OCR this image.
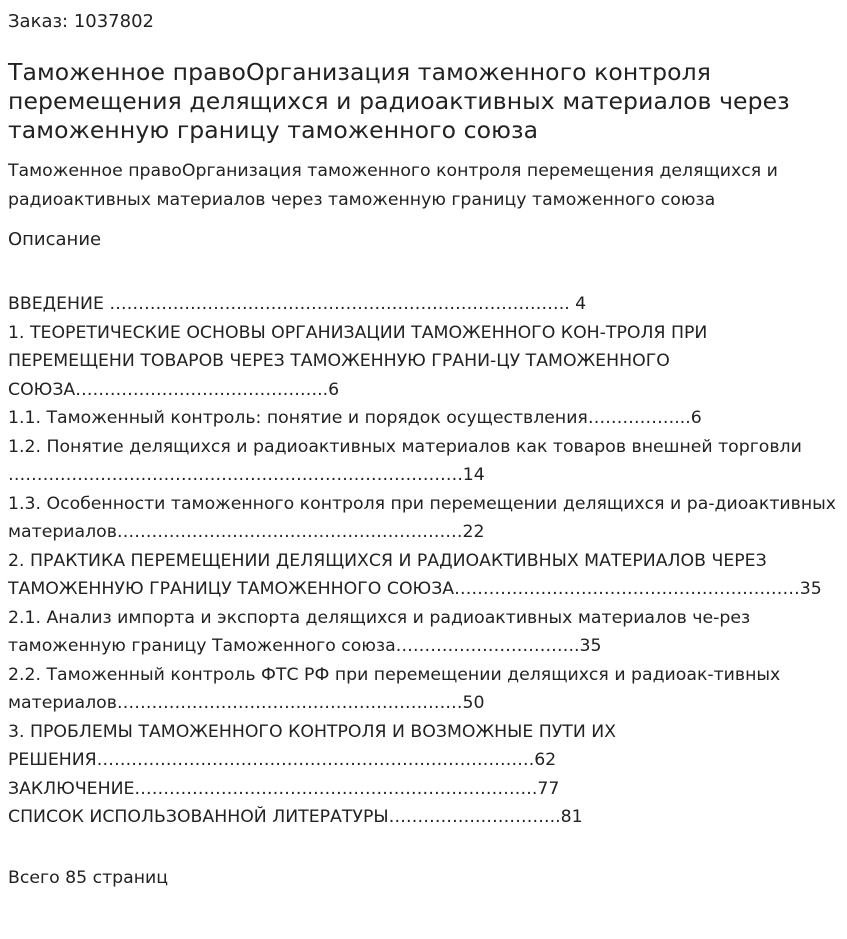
Заказ: 1037802

Таможенное правоОрганизация таможенного контроля перемещения делящихся и радиоактивных материалов через таможенную границу таможенного союза

Таможенное правоОрганизация таможенного контроля перемещения делящихся и радиоактивных материалов через таможенную границу таможенного союза

Описание
ВВЕДЕНИЕ …………………………………………………………………….. 4
1. ТЕОРЕТИЧЕСКИЕ ОСНОВЫ ОРГАНИЗАЦИИ ТАМОЖЕННОГО КОН-ТРОЛЯ ПРИ ПЕРЕМЕЩЕНИ ТОВАРОВ ЧЕРЕЗ ТАМОЖЕННУЮ ГРАНИ-ЦУ ТАМОЖЕННОГО СОЮЗА……………………………………..6
1.1. Таможенный контроль: понятие и порядок осуществления……………...6
1.2. Понятие делящихся и радиоактивных материалов как товаров внешней торговли …………………………………………………………………….14
1.3. Особенности таможенного контроля при перемещении делящихся и ра-диоактивных материалов……………………………………………………22
2. ПРАКТИКА ПЕРЕМЕЩЕНИИ ДЕЛЯЩИХСЯ И РАДИОАКТИВНЫХ МАТЕРИАЛОВ ЧЕРЕЗ ТАМОЖЕННУЮ ГРАНИЦУ ТАМОЖЕННОГО СОЮЗА……………………………………………………35
2.1. Анализ импорта и экспорта делящихся и радиоактивных материалов че-рез таможенную границу Таможенного союза…………………………..35
2.2. Таможенный контроль ФТС РФ при перемещении делящихся и радиоак-тивных материалов……………………………………………………50
3. ПРОБЛЕМЫ ТАМОЖЕННОГО КОНТРОЛЯ И ВОЗМОЖНЫЕ ПУТИ ИХ РЕШЕНИЯ………………………………………………………………….62
ЗАКЛЮЧЕНИЕ…………………………………………………………….77
СПИСОК ИСПОЛЬЗОВАННОЙ ЛИТЕРАТУРЫ…………….…………..81

Всего 85 страниц
